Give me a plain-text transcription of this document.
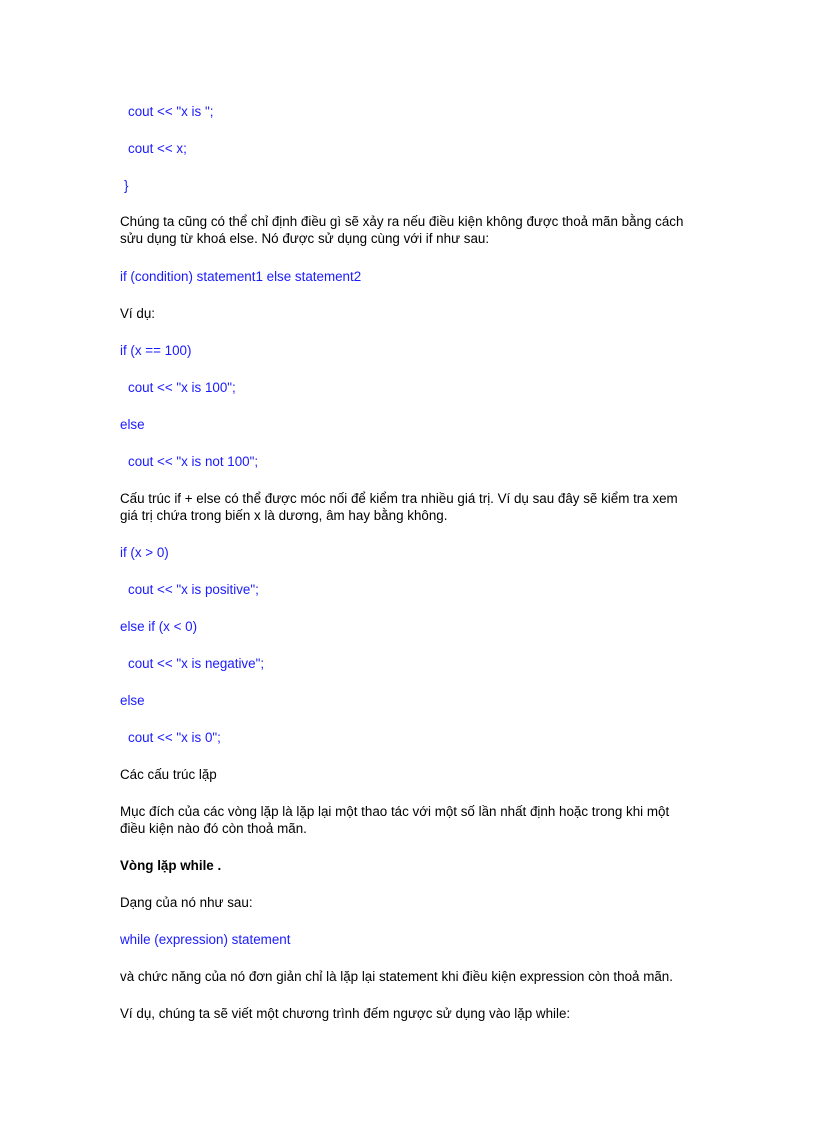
cout << "x is ";
cout << x;
}
Chúng ta cũng có thể chỉ định điều gì sẽ xảy ra nếu điều kiện không được thoả mãn bằng cách
sửu dụng từ khoá else. Nó được sử dụng cùng với if như sau:
if (condition) statement1 else statement2
Ví dụ:
if (x == 100)
cout << "x is 100";
else
cout << "x is not 100";
Cấu trúc if + else có thể được móc nối để kiểm tra nhiều giá trị. Ví dụ sau đây sẽ kiểm tra xem
giá trị chứa trong biến x là dương, âm hay bằng không.
if (x > 0)
cout << "x is positive";
else if (x < 0)
cout << "x is negative";
else
cout << "x is 0";
Các cấu trúc lặp
Mục đích của các vòng lặp là lặp lại một thao tác với một số lần nhất định hoặc trong khi một
điều kiện nào đó còn thoả mãn.
Vòng lặp while .
Dạng của nó như sau:
while (expression) statement
và chức năng của nó đơn giản chỉ là lặp lại statement khi điều kiện expression còn thoả mãn.
Ví dụ, chúng ta sẽ viết một chương trình đếm ngược sử dụng vào lặp while:
